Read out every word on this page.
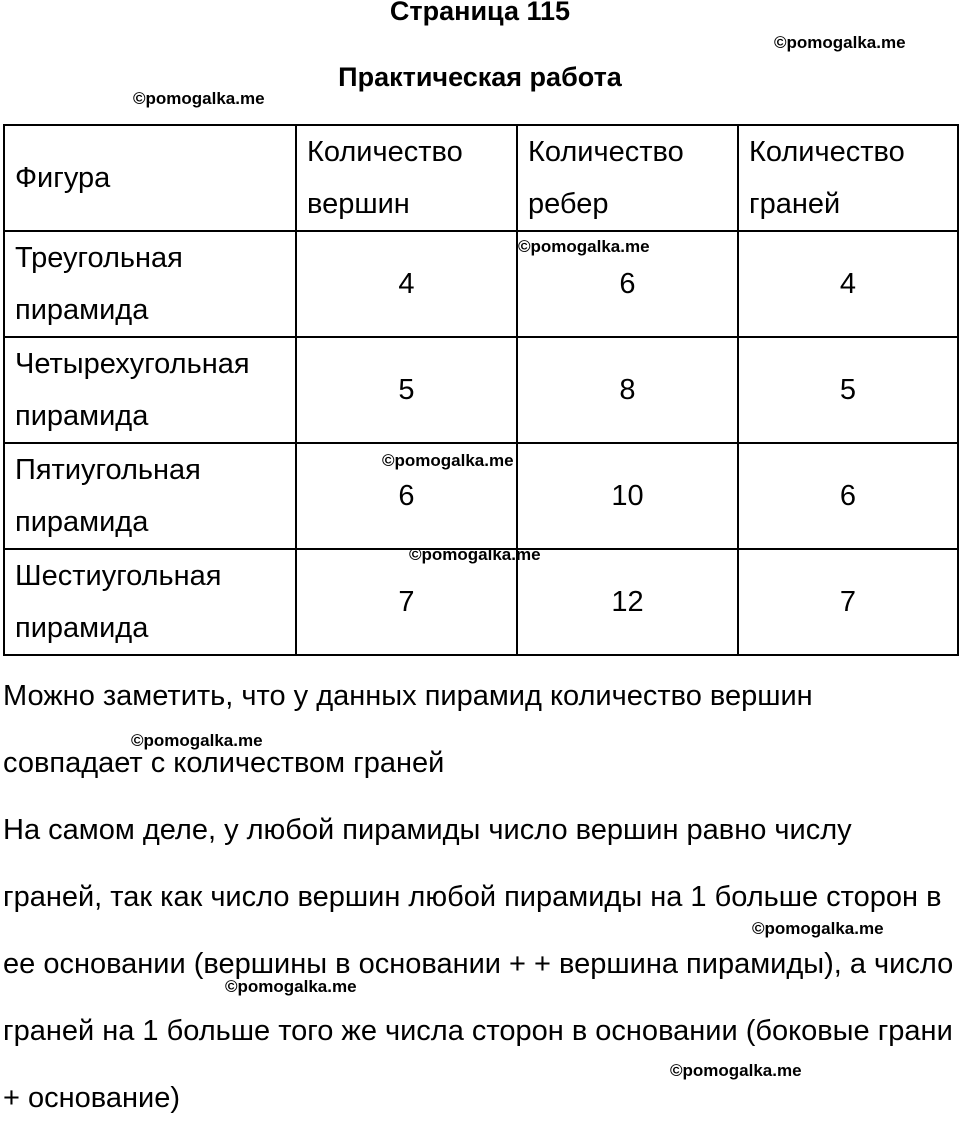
Страница 115
Практическая работа
Фигура	Количество вершин	Количество ребер	Количество граней
Треугольная пирамида	4	6	4
Четырехугольная пирамида	5	8	5
Пятиугольная пирамида	6	10	6
Шестиугольная пирамида	7	12	7
Можно заметить, что у данных пирамид количество вершин совпадает с количеством граней
На самом деле, у любой пирамиды число вершин равно числу граней, так как число вершин любой пирамиды на 1 больше сторон в ее основании (вершины в основании + + вершина пирамиды), а число граней на 1 больше того же числа сторон в основании (боковые грани + основание)
©pomogalka.me
©pomogalka.me
©pomogalka.me
©pomogalka.me
©pomogalka.me
©pomogalka.me
©pomogalka.me
©pomogalka.me
©pomogalka.me
